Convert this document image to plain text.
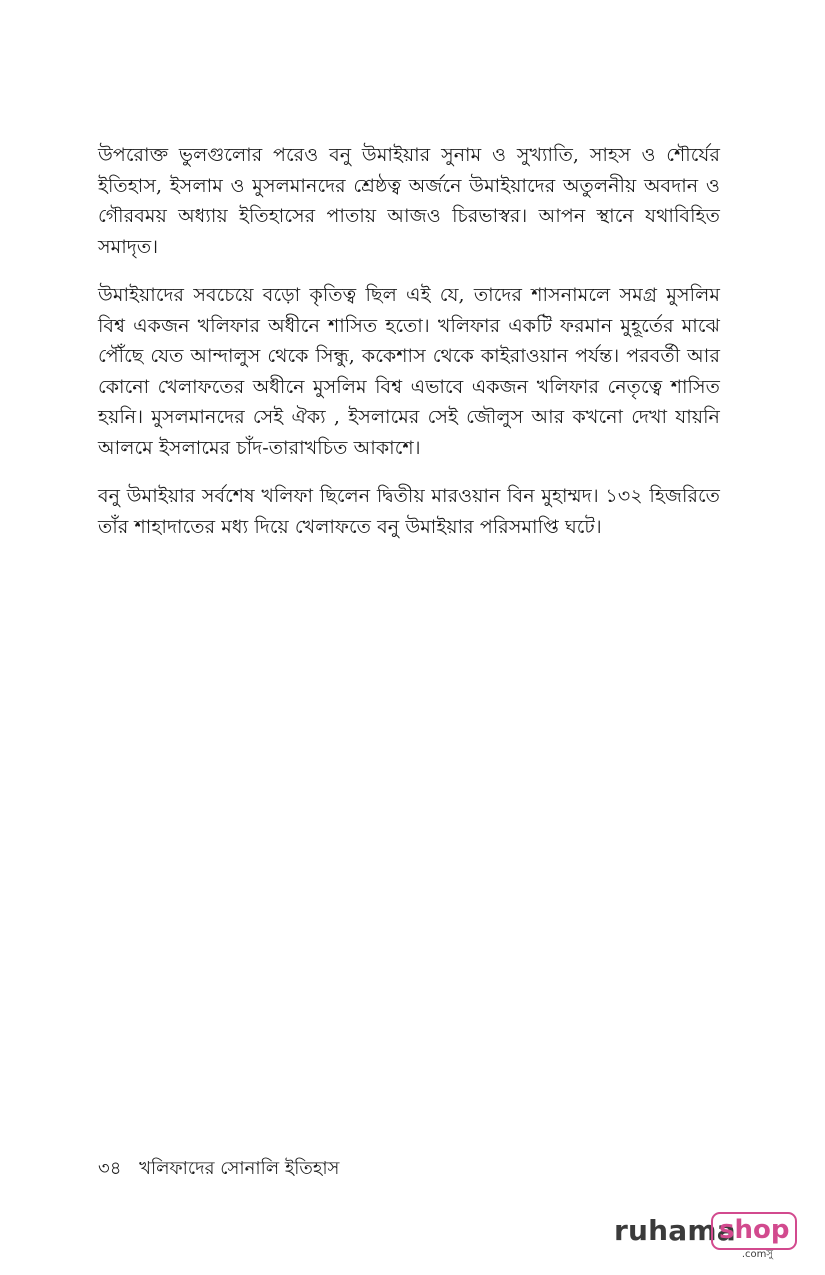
উপরোক্ত ভুলগুলোর পরেও বনু উমাইয়ার সুনাম ও সুখ্যাতি, সাহস ও শৌর্যের ইতিহাস, ইসলাম ও মুসলমানদের শ্রেষ্ঠত্ব অর্জনে উমাইয়াদের অতুলনীয় অবদান ও গৌরবময় অধ্যায় ইতিহাসের পাতায় আজও চিরভাস্বর। আপন স্থানে যথাবিহিত সমাদৃত।

উমাইয়াদের সবচেয়ে বড়ো কৃতিত্ব ছিল এই যে, তাদের শাসনামলে সমগ্র মুসলিম বিশ্ব একজন খলিফার অধীনে শাসিত হতো। খলিফার একটি ফরমান মুহূর্তের মাঝে পৌঁছে যেত আন্দালুস থেকে সিন্ধু, ককেশাস থেকে কাইরাওয়ান পর্যন্ত। পরবর্তী আর কোনো খেলাফতের অধীনে মুসলিম বিশ্ব এভাবে একজন খলিফার নেতৃত্বে শাসিত হয়নি। মুসলমানদের সেই ঐক্য , ইসলামের সেই জৌলুস আর কখনো দেখা যায়নি আলমে ইসলামের চাঁদ-তারাখচিত আকাশে।

বনু উমাইয়ার সর্বশেষ খলিফা ছিলেন দ্বিতীয় মারওয়ান বিন মুহাম্মদ। ১৩২ হিজরিতে তাঁর শাহাদাতের মধ্য দিয়ে খেলাফতে বনু উমাইয়ার পরিসমাপ্তি ঘটে।

৩৪ খলিফাদের সোনালি ইতিহাস
ruhama
shop
.comসু
